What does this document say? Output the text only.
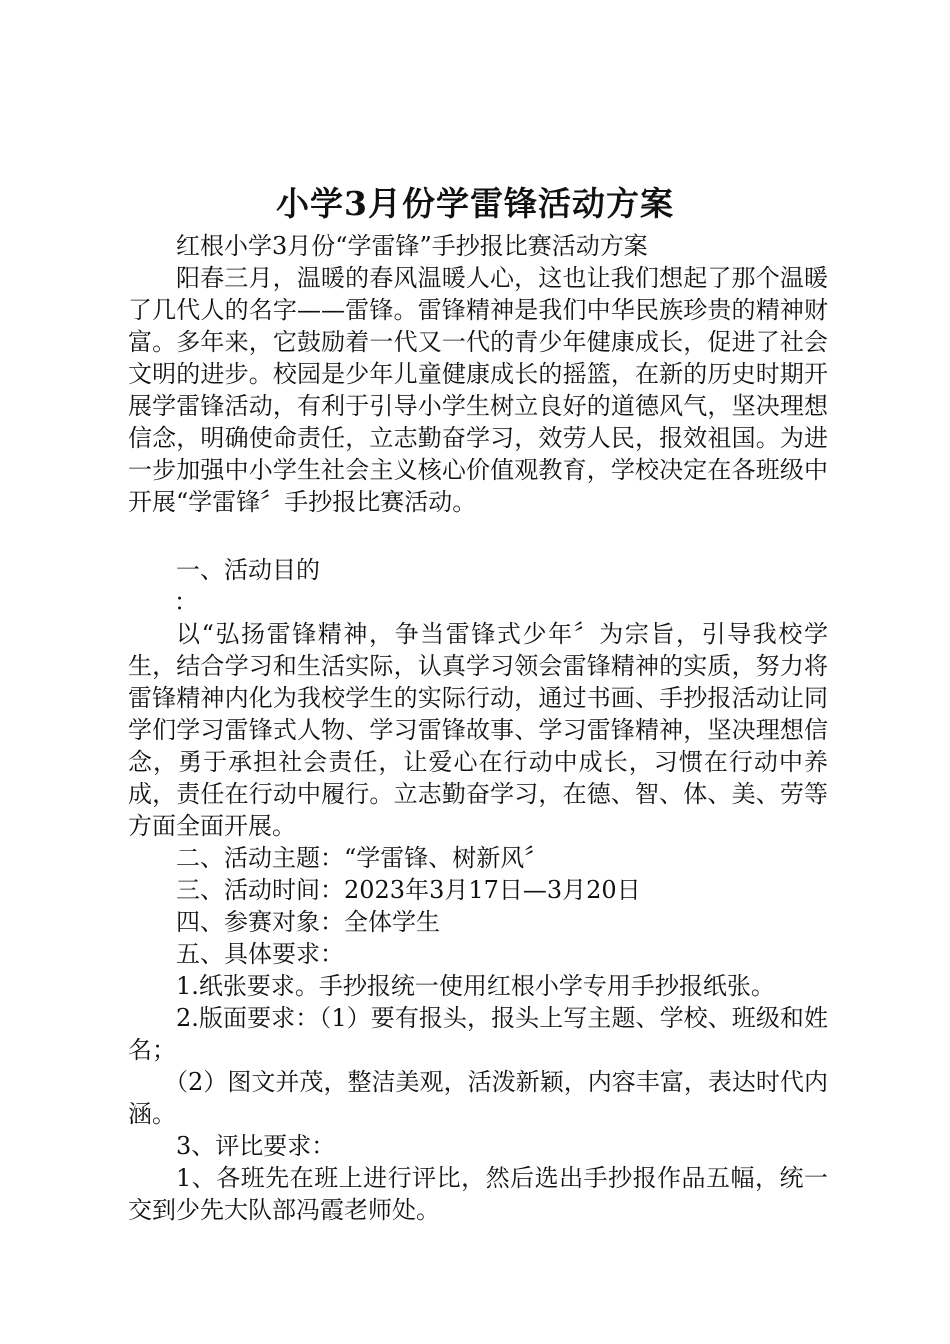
小学3月份学雷锋活动方案

红根小学3月份“学雷锋”手抄报比赛活动方案

阳春三月，温暖的春风温暖人心，这也让我们想起了那个温暖了几代人的名字——雷锋。雷锋精神是我们中华民族珍贵的精神财富。多年来，它鼓励着一代又一代的青少年健康成长，促进了社会文明的进步。校园是少年儿童健康成长的摇篮，在新的历史时期开展学雷锋活动，有利于引导小学生树立良好的道德风气，坚决理想信念，明确使命责任，立志勤奋学习，效劳人民，报效祖国。为进一步加强中小学生社会主义核心价值观教育，学校决定在各班级中开展“学雷锋〞手抄报比赛活动。

一、活动目的

：

以“弘扬雷锋精神，争当雷锋式少年〞为宗旨，引导我校学生，结合学习和生活实际，认真学习领会雷锋精神的实质，努力将雷锋精神内化为我校学生的实际行动，通过书画、手抄报活动让同学们学习雷锋式人物、学习雷锋故事、学习雷锋精神，坚决理想信念，勇于承担社会责任，让爱心在行动中成长，习惯在行动中养成，责任在行动中履行。立志勤奋学习，在德、智、体、美、劳等方面全面开展。

二、活动主题：“学雷锋、树新风〞

三、活动时间：2023年3月17日—3月20日

四、参赛对象：全体学生

五、具体要求：

1.纸张要求。手抄报统一使用红根小学专用手抄报纸张。

2.版面要求：（1）要有报头，报头上写主题、学校、班级和姓名；

（2）图文并茂，整洁美观，活泼新颖，内容丰富，表达时代内涵。

3、评比要求：

1、各班先在班上进行评比，然后选出手抄报作品五幅，统一交到少先大队部冯霞老师处。
